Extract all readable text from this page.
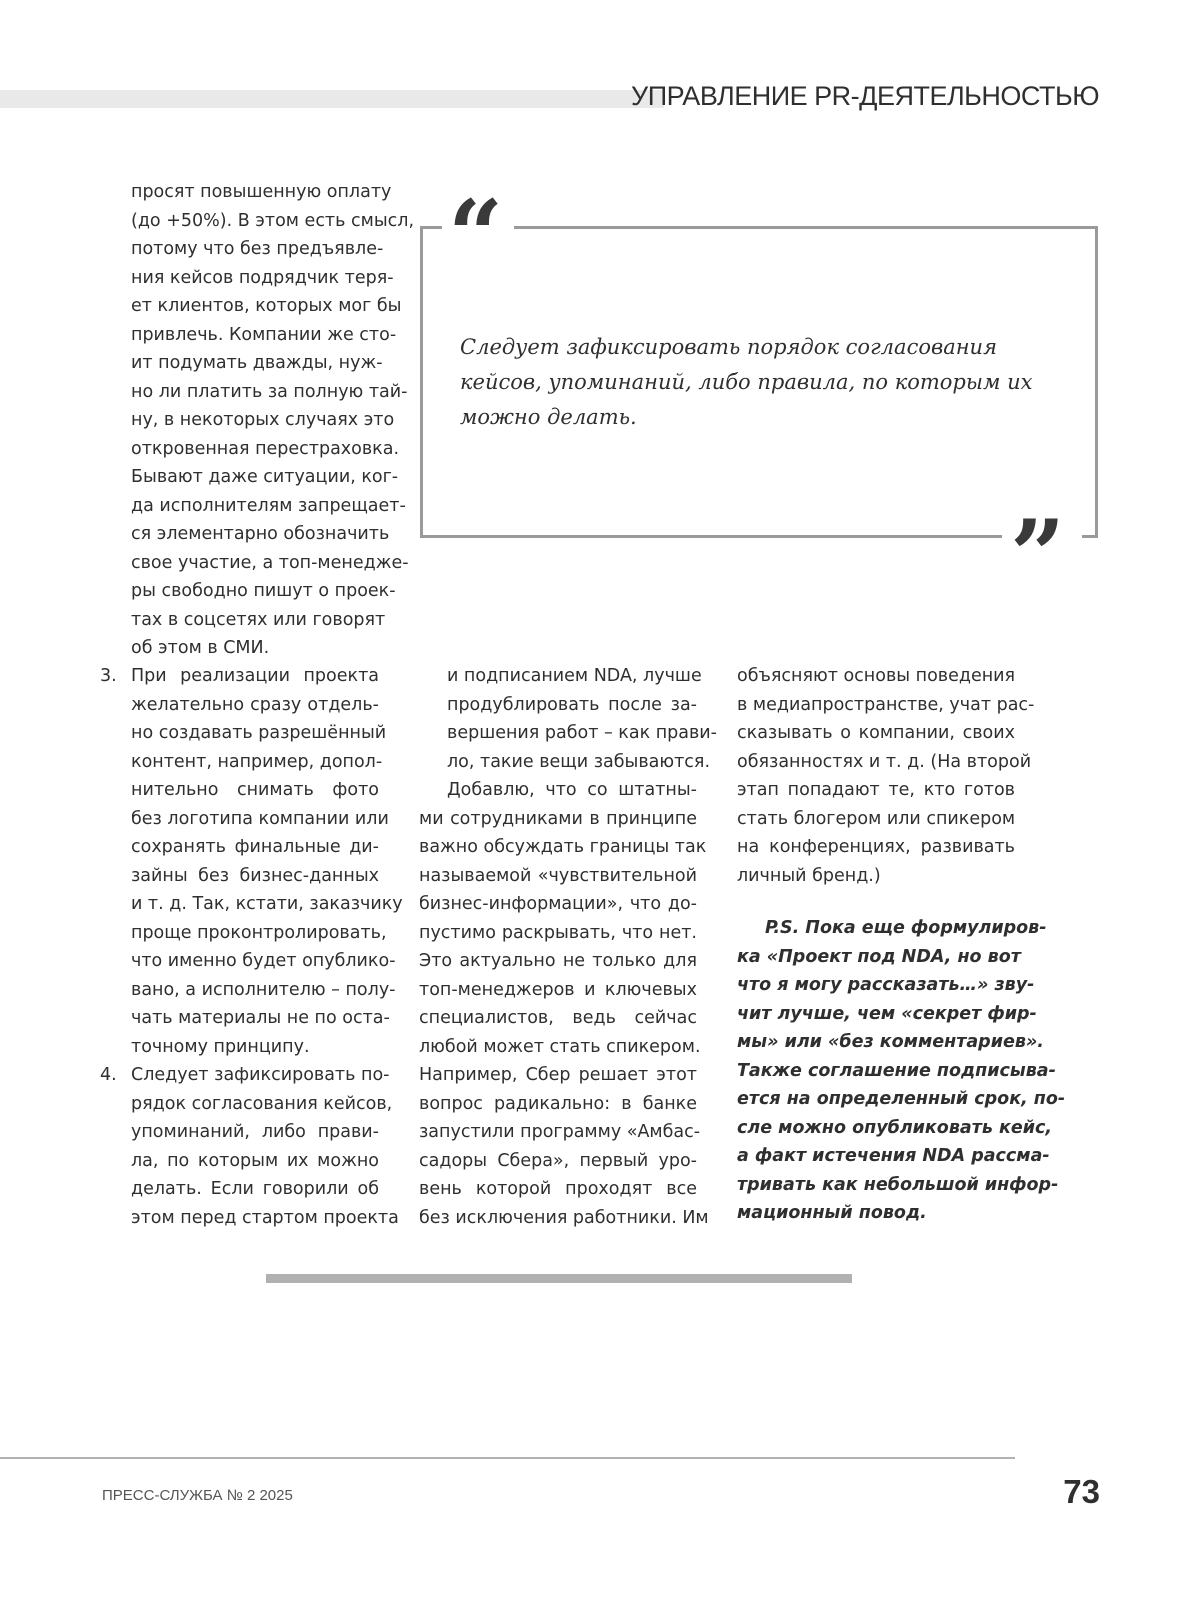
УПРАВЛЕНИЕ PR-ДЕЯТЕЛЬНОСТЬЮ
“
”
Следует зафиксировать порядок согласования кейсов, упоминаний, либо правила, по которым их можно делать.
просят повышенную оплату
(до +50%). В этом есть смысл,
потому что без предъявле-
ния кейсов подрядчик теря-
ет клиентов, которых мог бы
привлечь. Компании же сто-
ит подумать дважды, нуж-
но ли платить за полную тай-
ну, в некоторых случаях это
откровенная перестраховка.
Бывают даже ситуации, ког-
да исполнителям запрещает-
ся элементарно обозначить
свое участие, а топ-менедже-
ры свободно пишут о проек-
тах в соцсетях или говорят
об этом в СМИ.
3. При реализации проекта
желательно сразу отдель-
но создавать разрешённый
контент, например, допол-
нительно снимать фото
без логотипа компании или
сохранять финальные ди-
зайны без бизнес-данных
и т. д. Так, кстати, заказчику
проще проконтролировать,
что именно будет опублико-
вано, а исполнителю – полу-
чать материалы не по оста-
точному принципу.
4. Следует зафиксировать по-
рядок согласования кейсов,
упоминаний, либо прави-
ла, по которым их можно
делать. Если говорили об
этом перед стартом проекта
и подписанием NDA, лучше
продублировать после за-
вершения работ – как прави-
ло, такие вещи забываются.
Добавлю, что со штатны-
ми сотрудниками в принципе
важно обсуждать границы так
называемой «чувствительной
бизнес-информации», что до-
пустимо раскрывать, что нет.
Это актуально не только для
топ-менеджеров и ключевых
специалистов, ведь сейчас
любой может стать спикером.
Например, Сбер решает этот
вопрос радикально: в банке
запустили программу «Амбас-
садоры Сбера», первый уро-
вень которой проходят все
без исключения работники. Им
объясняют основы поведения
в медиапространстве, учат рас-
сказывать о компании, своих
обязанностях и т. д. (На второй
этап попадают те, кто готов
стать блогером или спикером
на конференциях, развивать
личный бренд.)
P.S. Пока еще формулиров-
ка «Проект под NDA, но вот
что я могу рассказать…» зву-
чит лучше, чем «секрет фир-
мы» или «без комментариев».
Также соглашение подписыва-
ется на определенный срок, по-
сле можно опубликовать кейс,
а факт истечения NDA рассма-
тривать как небольшой инфор-
мационный повод.
ПРЕСС-СЛУЖБА № 2 2025	73
